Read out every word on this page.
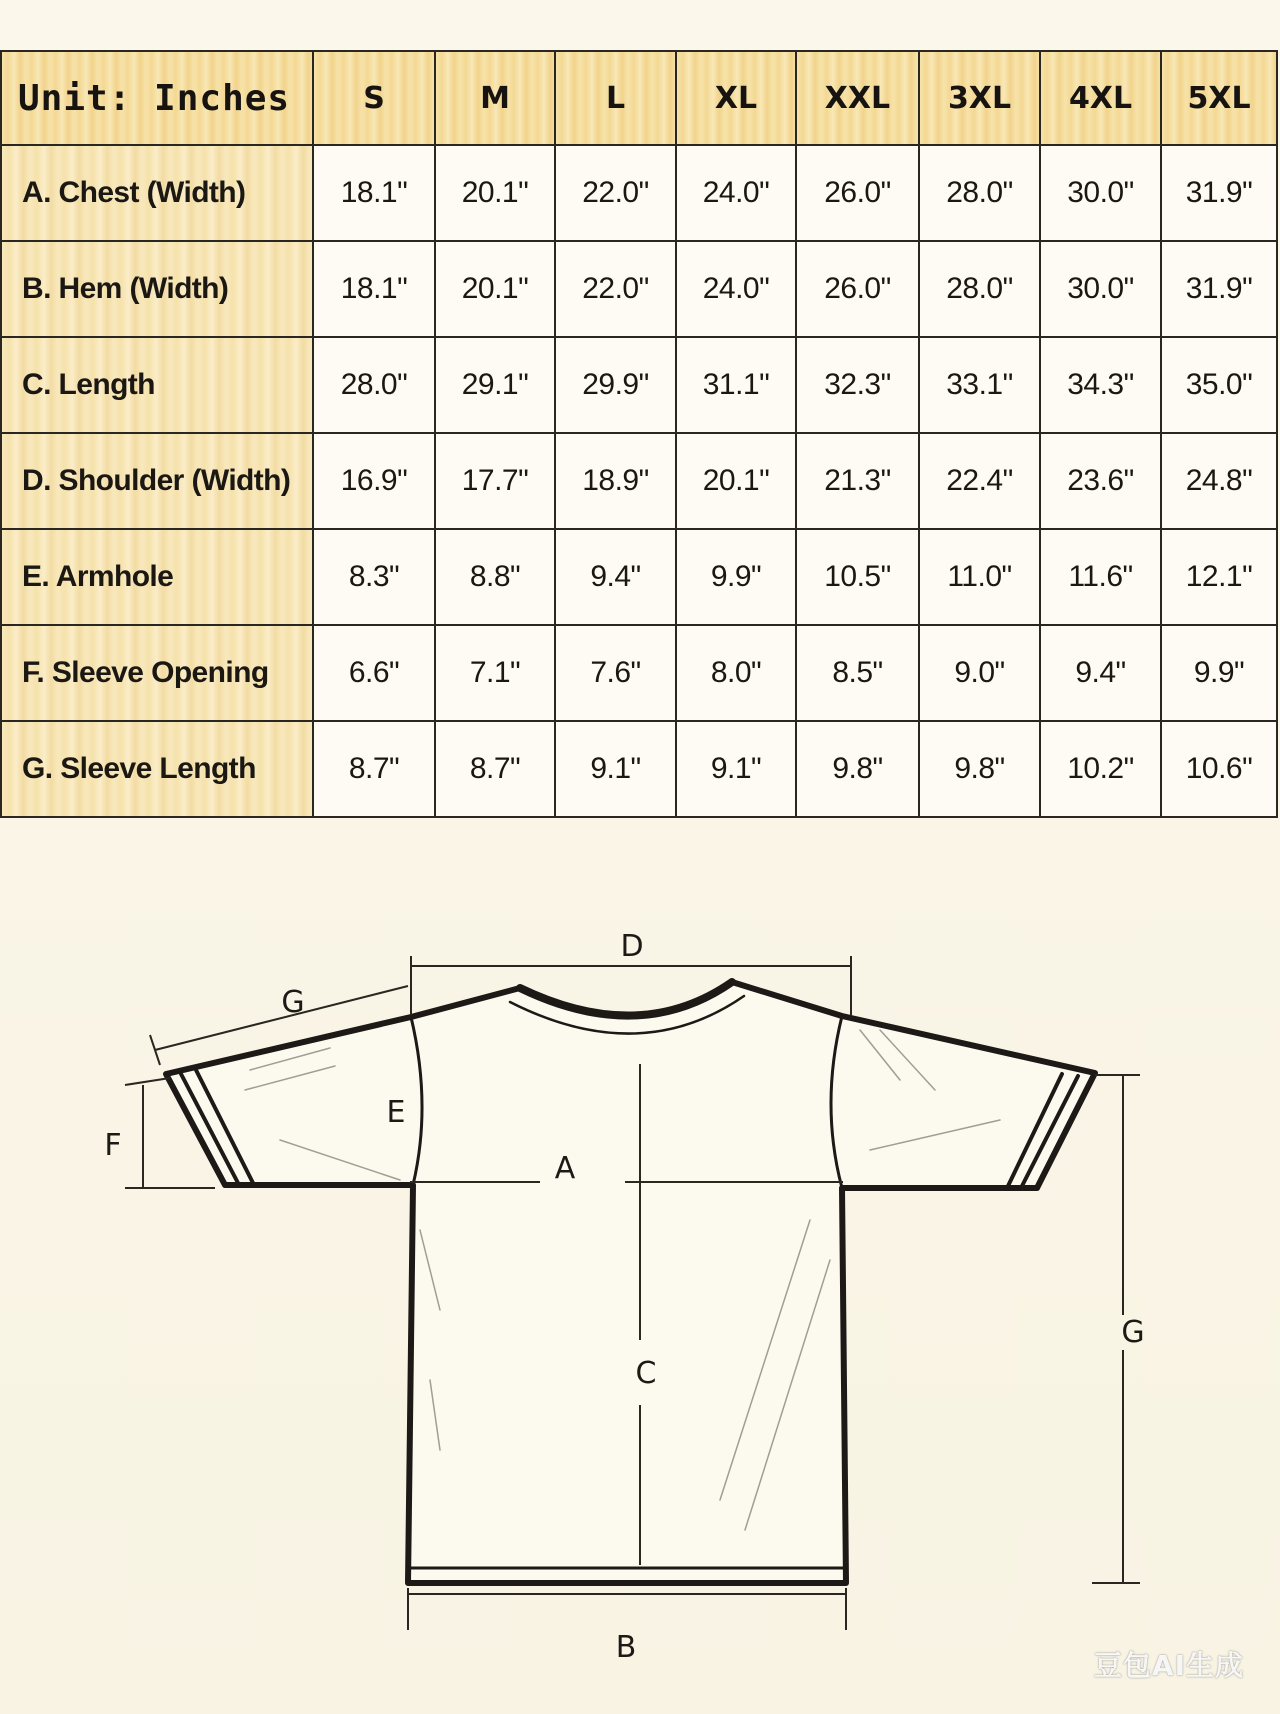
Unit: Inches	S	M	L	XL	XXL	3XL	4XL	5XL
A. Chest (Width)	18.1"	20.1"	22.0"	24.0"	26.0"	28.0"	30.0"	31.9"
B. Hem (Width)	18.1"	20.1"	22.0"	24.0"	26.0"	28.0"	30.0"	31.9"
C. Length	28.0"	29.1"	29.9"	31.1"	32.3"	33.1"	34.3"	35.0"
D. Shoulder (Width)	16.9"	17.7"	18.9"	20.1"	21.3"	22.4"	23.6"	24.8"
E. Armhole	8.3"	8.8"	9.4"	9.9"	10.5"	11.0"	11.6"	12.1"
F. Sleeve Opening	6.6"	7.1"	7.6"	8.0"	8.5"	9.0"	9.4"	9.9"
G. Sleeve Length	8.7"	8.7"	9.1"	9.1"	9.8"	9.8"	10.2"	10.6"
D
G
F
E
A
C
G
B
豆包AI生成
